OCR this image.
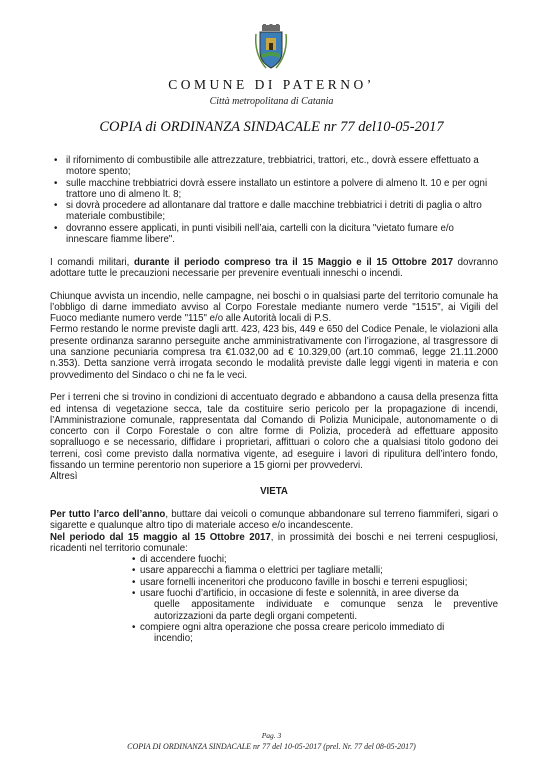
COMUNE DI PATERNO’
Città metropolitana di Catania
COPIA di ORDINANZA SINDACALE nr 77 del10-05-2017
• il rifornimento di combustibile alle attrezzature, trebbiatrici, trattori, etc., dovrà essere effettuato a motore spento;
• sulle macchine trebbiatrici dovrà essere installato un estintore a polvere di almeno lt. 10 e per ogni trattore uno di almeno lt. 8;
• si dovrà procedere ad allontanare dal trattore e dalle macchine trebbiatrici i detriti di paglia o altro materiale combustibile;
• dovranno essere applicati, in punti visibili nell’aia, cartelli con la dicitura "vietato fumare e/o innescare fiamme libere".

I comandi militari, durante il periodo compreso tra il 15 Maggio e il 15 Ottobre 2017 dovranno adottare tutte le precauzioni necessarie per prevenire eventuali inneschi o incendi.

Chiunque avvista un incendio, nelle campagne, nei boschi o in qualsiasi parte del territorio comunale ha l’obbligo di darne immediato avviso al Corpo Forestale mediante numero verde "1515", ai Vigili del Fuoco mediante numero verde "115" e/o alle Autorità locali di P.S.

Fermo restando le norme previste dagli artt. 423, 423 bis, 449 e 650 del Codice Penale, le violazioni alla presente ordinanza saranno perseguite anche amministrativamente con l’irrogazione, al trasgressore di una sanzione pecuniaria compresa tra €1.032,00 ad € 10.329,00 (art.10 comma6, legge 21.11.2000 n.353). Detta sanzione verrà irrogata secondo le modalità previste dalle leggi vigenti in materia e con provvedimento del Sindaco o chi ne fa le veci.

Per i terreni che si trovino in condizioni di accentuato degrado e abbandono a causa della presenza fitta ed intensa di vegetazione secca, tale da costituire serio pericolo per la propagazione di incendi, l’Amministrazione comunale, rappresentata dal Comando di Polizia Municipale, autonomamente o di concerto con il Corpo Forestale o con altre forme di Polizia, procederà ad effettuare apposito sopralluogo e se necessario, diffidare i proprietari, affittuari o coloro che a qualsiasi titolo godono dei terreni, così come previsto dalla normativa vigente, ad eseguire i lavori di ripulitura dell’intero fondo, fissando un termine perentorio non superiore a 15 giorni per provvedervi.

Altresì

VIETA

Per tutto l’arco dell’anno, buttare dai veicoli o comunque abbandonare sul terreno fiammiferi, sigari o sigarette e qualunque altro tipo di materiale acceso e/o incandescente.

Nel periodo dal 15 maggio al 15 Ottobre 2017, in prossimità dei boschi e nei terreni cespugliosi, ricadenti nel territorio comunale:

• di accendere fuochi;
• usare apparecchi a fiamma o elettrici per tagliare metalli;
• usare fornelli inceneritori che producono faville in boschi e terreni espugliosi;
• usare fuochi d’artificio, in occasione di feste e solennità, in aree diverse da
quelle appositamente individuate e comunque senza le preventive autorizzazioni da parte degli organi competenti.
• compiere ogni altra operazione che possa creare pericolo immediato di
incendio;
Pag. 3
COPIA DI ORDINANZA SINDACALE nr 77 del 10-05-2017 (prel. Nr. 77 del 08-05-2017)
